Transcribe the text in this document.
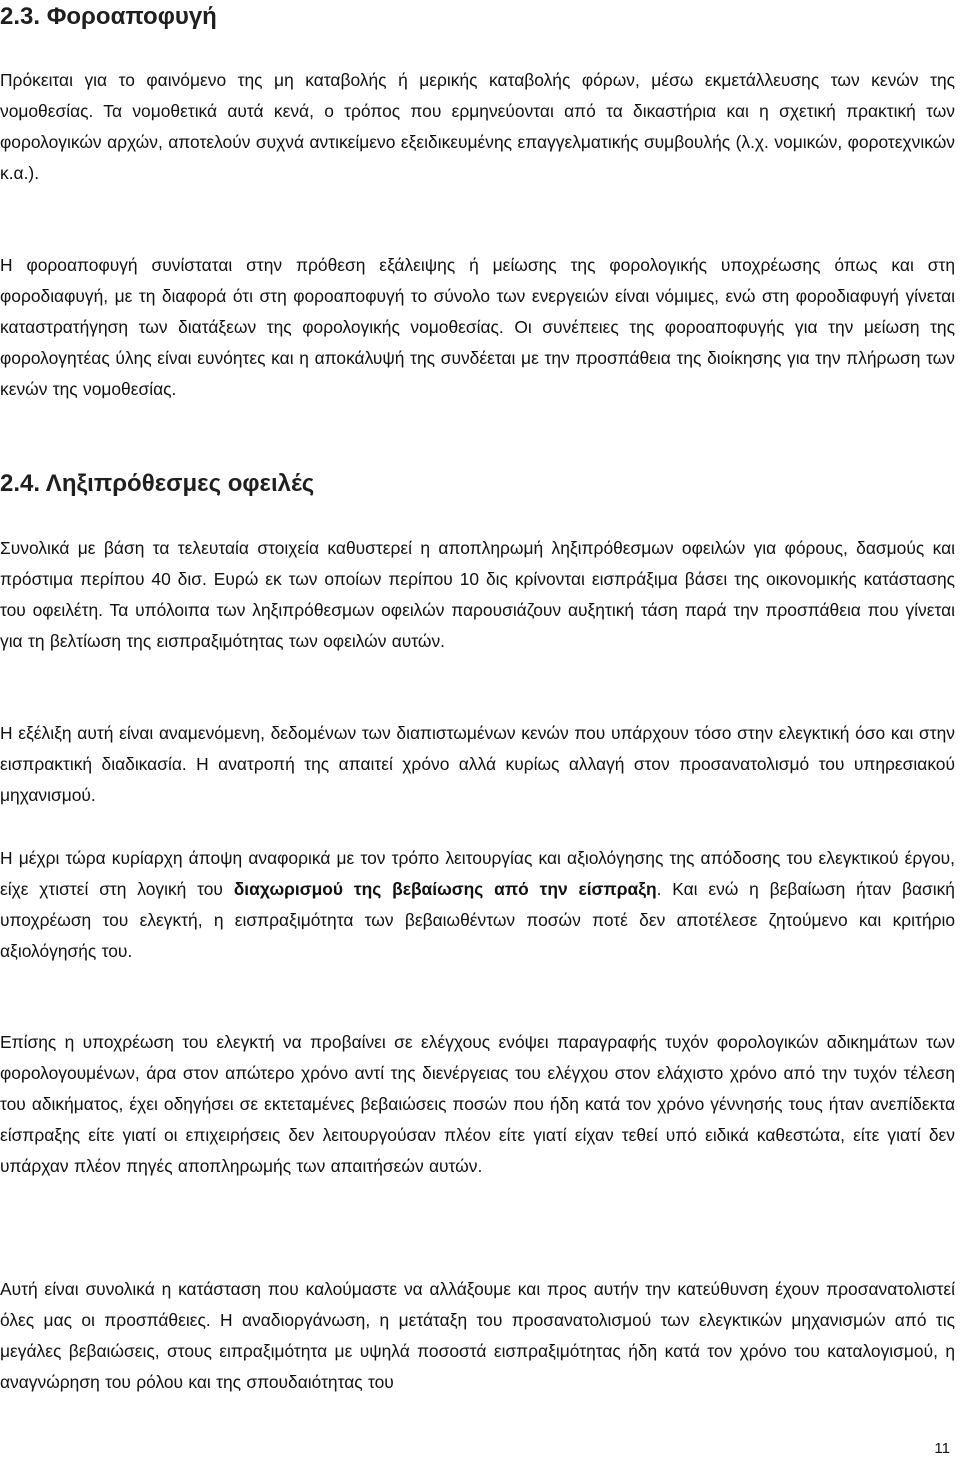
2.3. Φοροαποφυγή

Πρόκειται για το φαινόμενο της μη καταβολής ή μερικής καταβολής φόρων, μέσω εκμετάλλευσης των κενών της νομοθεσίας. Τα νομοθετικά αυτά κενά, ο τρόπος που ερμηνεύονται από τα δικαστήρια και η σχετική πρακτική των φορολογικών αρχών, αποτελούν συχνά αντικείμενο εξειδικευμένης επαγγελματικής συμβουλής (λ.χ. νομικών, φοροτεχνικών κ.α.).

Η φοροαποφυγή συνίσταται στην πρόθεση εξάλειψης ή μείωσης της φορολογικής υποχρέωσης όπως και στη φοροδιαφυγή, με τη διαφορά ότι στη φοροαποφυγή το σύνολο των ενεργειών είναι νόμιμες, ενώ στη φοροδιαφυγή γίνεται καταστρατήγηση των διατάξεων της φορολογικής νομοθεσίας. Οι συνέπειες της φοροαποφυγής για την μείωση της φορολογητέας ύλης είναι ευνόητες και η αποκάλυψή της συνδέεται με την προσπάθεια της διοίκησης για την πλήρωση των κενών της νομοθεσίας.

2.4. Ληξιπρόθεσμες οφειλές

Συνολικά με βάση τα τελευταία στοιχεία καθυστερεί η αποπληρωμή ληξιπρόθεσμων οφειλών για φόρους, δασμούς και πρόστιμα περίπου 40 δισ. Ευρώ εκ των οποίων περίπου 10 δις κρίνονται εισπράξιμα βάσει της οικονομικής κατάστασης του οφειλέτη. Τα υπόλοιπα των ληξιπρόθεσμων οφειλών παρουσιάζουν αυξητική τάση παρά την προσπάθεια που γίνεται για τη βελτίωση της εισπραξιμότητας των οφειλών αυτών.

Η εξέλιξη αυτή είναι αναμενόμενη, δεδομένων των διαπιστωμένων κενών που υπάρχουν τόσο στην ελεγκτική όσο και στην εισπρακτική διαδικασία. Η ανατροπή της απαιτεί χρόνο αλλά κυρίως αλλαγή στον προσανατολισμό του υπηρεσιακού μηχανισμού.

Η μέχρι τώρα κυρίαρχη άποψη αναφορικά με τον τρόπο λειτουργίας και αξιολόγησης της απόδοσης του ελεγκτικού έργου, είχε χτιστεί στη λογική του διαχωρισμού της βεβαίωσης από την είσπραξη. Και ενώ η βεβαίωση ήταν βασική υποχρέωση του ελεγκτή, η εισπραξιμότητα των βεβαιωθέντων ποσών ποτέ δεν αποτέλεσε ζητούμενο και κριτήριο αξιολόγησής του.

Επίσης η υποχρέωση του ελεγκτή να προβαίνει σε ελέγχους ενόψει παραγραφής τυχόν φορολογικών αδικημάτων των φορολογουμένων, άρα στον απώτερο χρόνο αντί της διενέργειας του ελέγχου στον ελάχιστο χρόνο από την τυχόν τέλεση του αδικήματος, έχει οδηγήσει σε εκτεταμένες βεβαιώσεις ποσών που ήδη κατά τον χρόνο γέννησής τους ήταν ανεπίδεκτα είσπραξης είτε γιατί οι επιχειρήσεις δεν λειτουργούσαν πλέον είτε γιατί είχαν τεθεί υπό ειδικά καθεστώτα, είτε γιατί δεν υπάρχαν πλέον πηγές αποπληρωμής των απαιτήσεών αυτών.

Αυτή είναι συνολικά η κατάσταση που καλούμαστε να αλλάξουμε και προς αυτήν την κατεύθυνση έχουν προσανατολιστεί όλες μας οι προσπάθειες. Η αναδιοργάνωση, η μετάταξη του προσανατολισμού των ελεγκτικών μηχανισμών από τις μεγάλες βεβαιώσεις, στους ειπραξιμότητα με υψηλά ποσοστά εισπραξιμότητας ήδη κατά τον χρόνο του καταλογισμού, η αναγνώρηση του ρόλου και της σπουδαιότητας του

11
